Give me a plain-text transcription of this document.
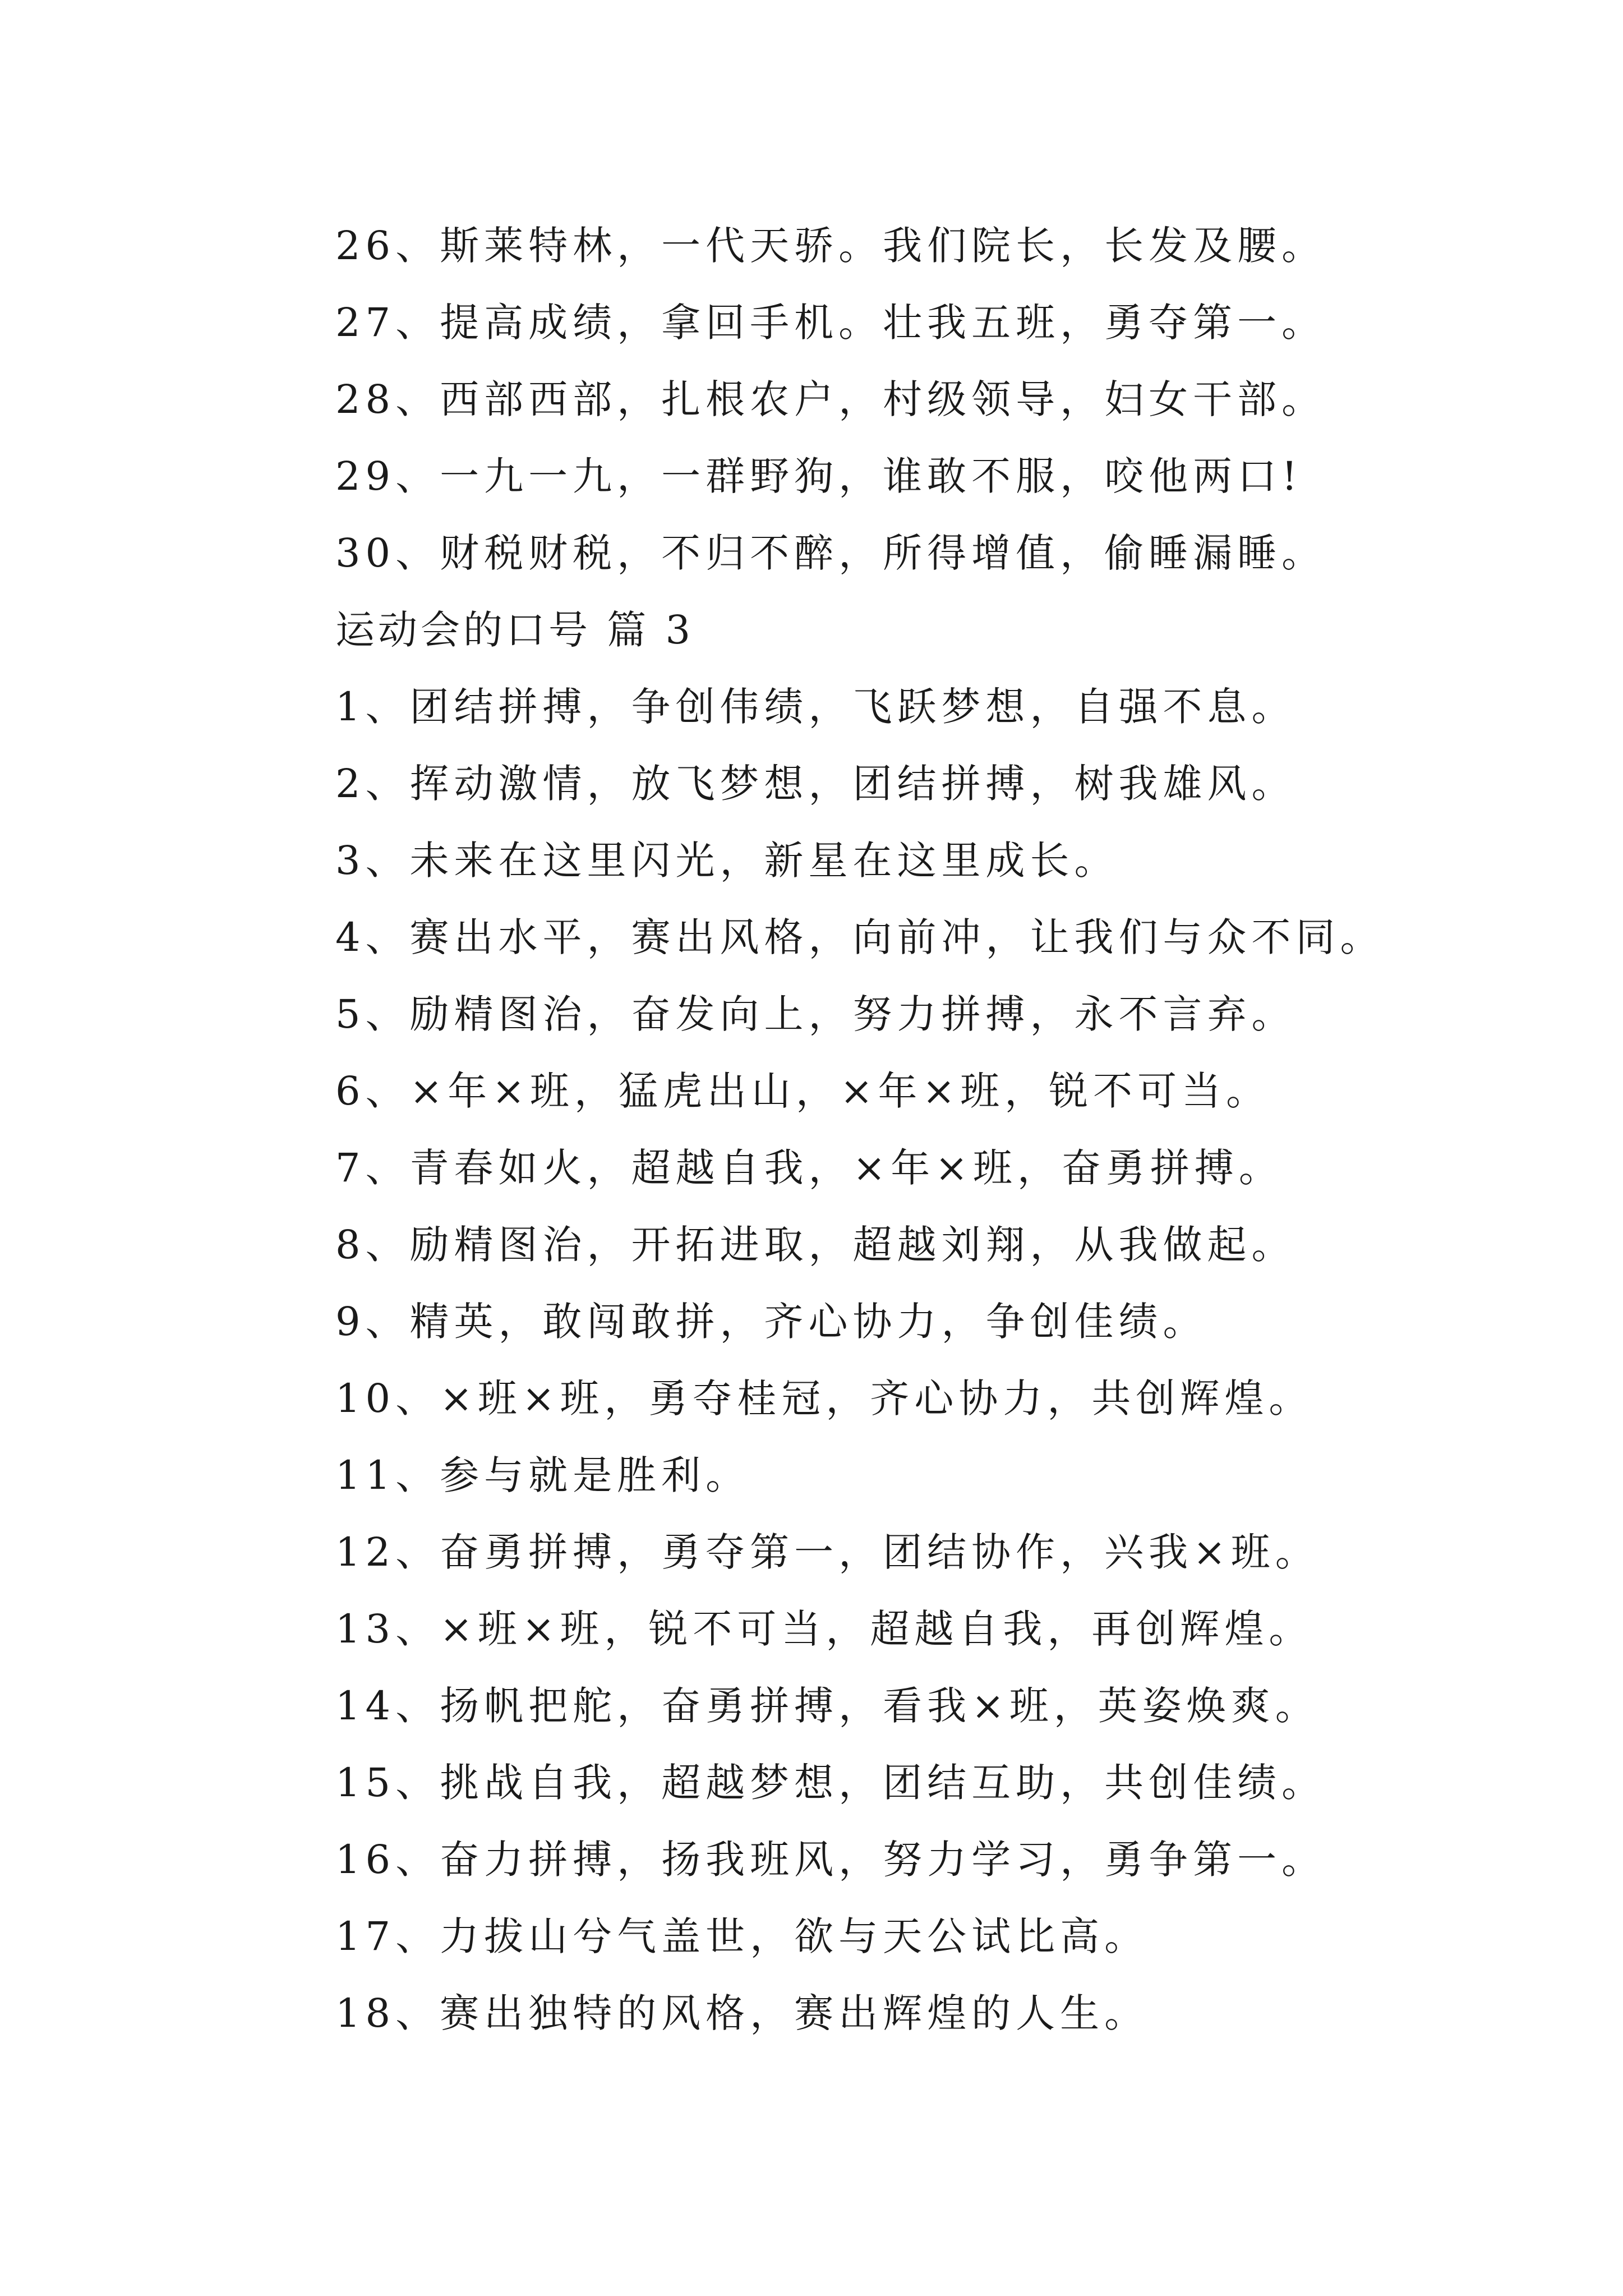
26、斯莱特林，一代天骄。我们院长，长发及腰。
27、提高成绩，拿回手机。壮我五班，勇夺第一。
28、西部西部，扎根农户，村级领导，妇女干部。
29、一九一九，一群野狗，谁敢不服，咬他两口!
30、财税财税，不归不醉，所得增值，偷睡漏睡。
运动会的口号 篇 3
1、团结拼搏，争创伟绩，飞跃梦想，自强不息。
2、挥动激情，放飞梦想，团结拼搏，树我雄风。
3、未来在这里闪光，新星在这里成长。
4、赛出水平，赛出风格，向前冲，让我们与众不同。
5、励精图治，奋发向上，努力拼搏，永不言弃。
6、×年×班，猛虎出山，×年×班，锐不可当。
7、青春如火，超越自我，×年×班，奋勇拼搏。
8、励精图治，开拓进取，超越刘翔，从我做起。
9、精英，敢闯敢拼，齐心协力，争创佳绩。
10、×班×班，勇夺桂冠，齐心协力，共创辉煌。
11、参与就是胜利。
12、奋勇拼搏，勇夺第一，团结协作，兴我×班。
13、×班×班，锐不可当，超越自我，再创辉煌。
14、扬帆把舵，奋勇拼搏，看我×班，英姿焕爽。
15、挑战自我，超越梦想，团结互助，共创佳绩。
16、奋力拼搏，扬我班风，努力学习，勇争第一。
17、力拔山兮气盖世，欲与天公试比高。
18、赛出独特的风格，赛出辉煌的人生。
